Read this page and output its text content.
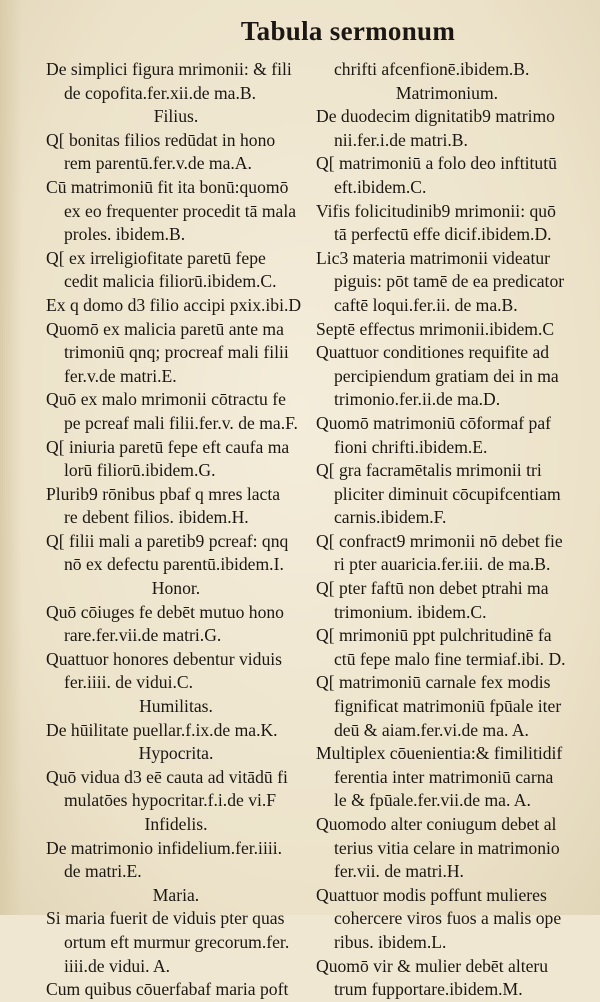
Tabula sermonum
De simplici figura mrimonii: & fili
de copofita.fer.xii.de ma.B.
Filius.
Q[ bonitas filios redūdat in hono
rem parentū.fer.v.de ma.A.
Cū matrimoniū fit ita bonū:quomō
ex eo frequenter procedit tā mala
proles. ibidem.B.
Q[ ex irreligiofitate paretū fepe
cedit malicia filiorū.ibidem.C.
Ex q domo d3 filio accipi pxix.ibi.D
Quomō ex malicia paretū ante ma
trimoniū qnq; procreaf mali filii
fer.v.de matri.E.
Quō ex malo mrimonii cōtractu fe
pe pcreaf mali filii.fer.v. de ma.F.
Q[ iniuria paretū fepe eft caufa ma
lorū filiorū.ibidem.G.
Plurib9 rōnibus pbaf q mres lacta
re debent filios. ibidem.H.
Q[ filii mali a paretib9 pcreaf: qnq
nō ex defectu parentū.ibidem.I.
Honor.
Quō cōiuges fe debēt mutuo hono
rare.fer.vii.de matri.G.
Quattuor honores debentur viduis
fer.iiii. de vidui.C.
Humilitas.
De hūilitate puellar.f.ix.de ma.K.
Hypocrita.
Quō vidua d3 eē cauta ad vitādū fi
mulatōes hypocritar.f.i.de vi.F
Infidelis.
De matrimonio infidelium.fer.iiii.
de matri.E.
Maria.
Si maria fuerit de viduis pter quas
ortum eft murmur grecorum.fer.
iiii.de vidui. A.
Cum quibus cōuerfabaf maria poft
chrifti afcenfionē.ibidem.B.
Matrimonium.
De duodecim dignitatib9 matrimo
nii.fer.i.de matri.B.
Q[ matrimoniū a folo deo inftitutū
eft.ibidem.C.
Vifis folicitudinib9 mrimonii: quō
tā perfectū effe dicif.ibidem.D.
Lic3 materia matrimonii videatur
piguis: pōt tamē de ea predicator
caftē loqui.fer.ii. de ma.B.
Septē effectus mrimonii.ibidem.C
Quattuor conditiones requifite ad
percipiendum gratiam dei in ma
trimonio.fer.ii.de ma.D.
Quomō matrimoniū cōformaf paf
fioni chrifti.ibidem.E.
Q[ gra facramētalis mrimonii tri
pliciter diminuit cōcupifcentiam
carnis.ibidem.F.
Q[ confract9 mrimonii nō debet fie
ri pter auaricia.fer.iii. de ma.B.
Q[ pter faftū non debet ptrahi ma
trimonium. ibidem.C.
Q[ mrimoniū ppt pulchritudinē fa
ctū fepe malo fine termiaf.ibi. D.
Q[ matrimoniū carnale fex modis
fignificat matrimoniū fpūale iter
deū & aiam.fer.vi.de ma. A.
Multiplex cōuenientia:& fimilitidif
ferentia inter matrimoniū carna
le & fpūale.fer.vii.de ma. A.
Quomodo alter coniugum debet al
terius vitia celare in matrimonio
fer.vii. de matri.H.
Quattuor modis poffunt mulieres
cohercere viros fuos a malis ope
ribus. ibidem.L.
Quomō vir & mulier debēt alteru
trum fupportare.ibidem.M.
